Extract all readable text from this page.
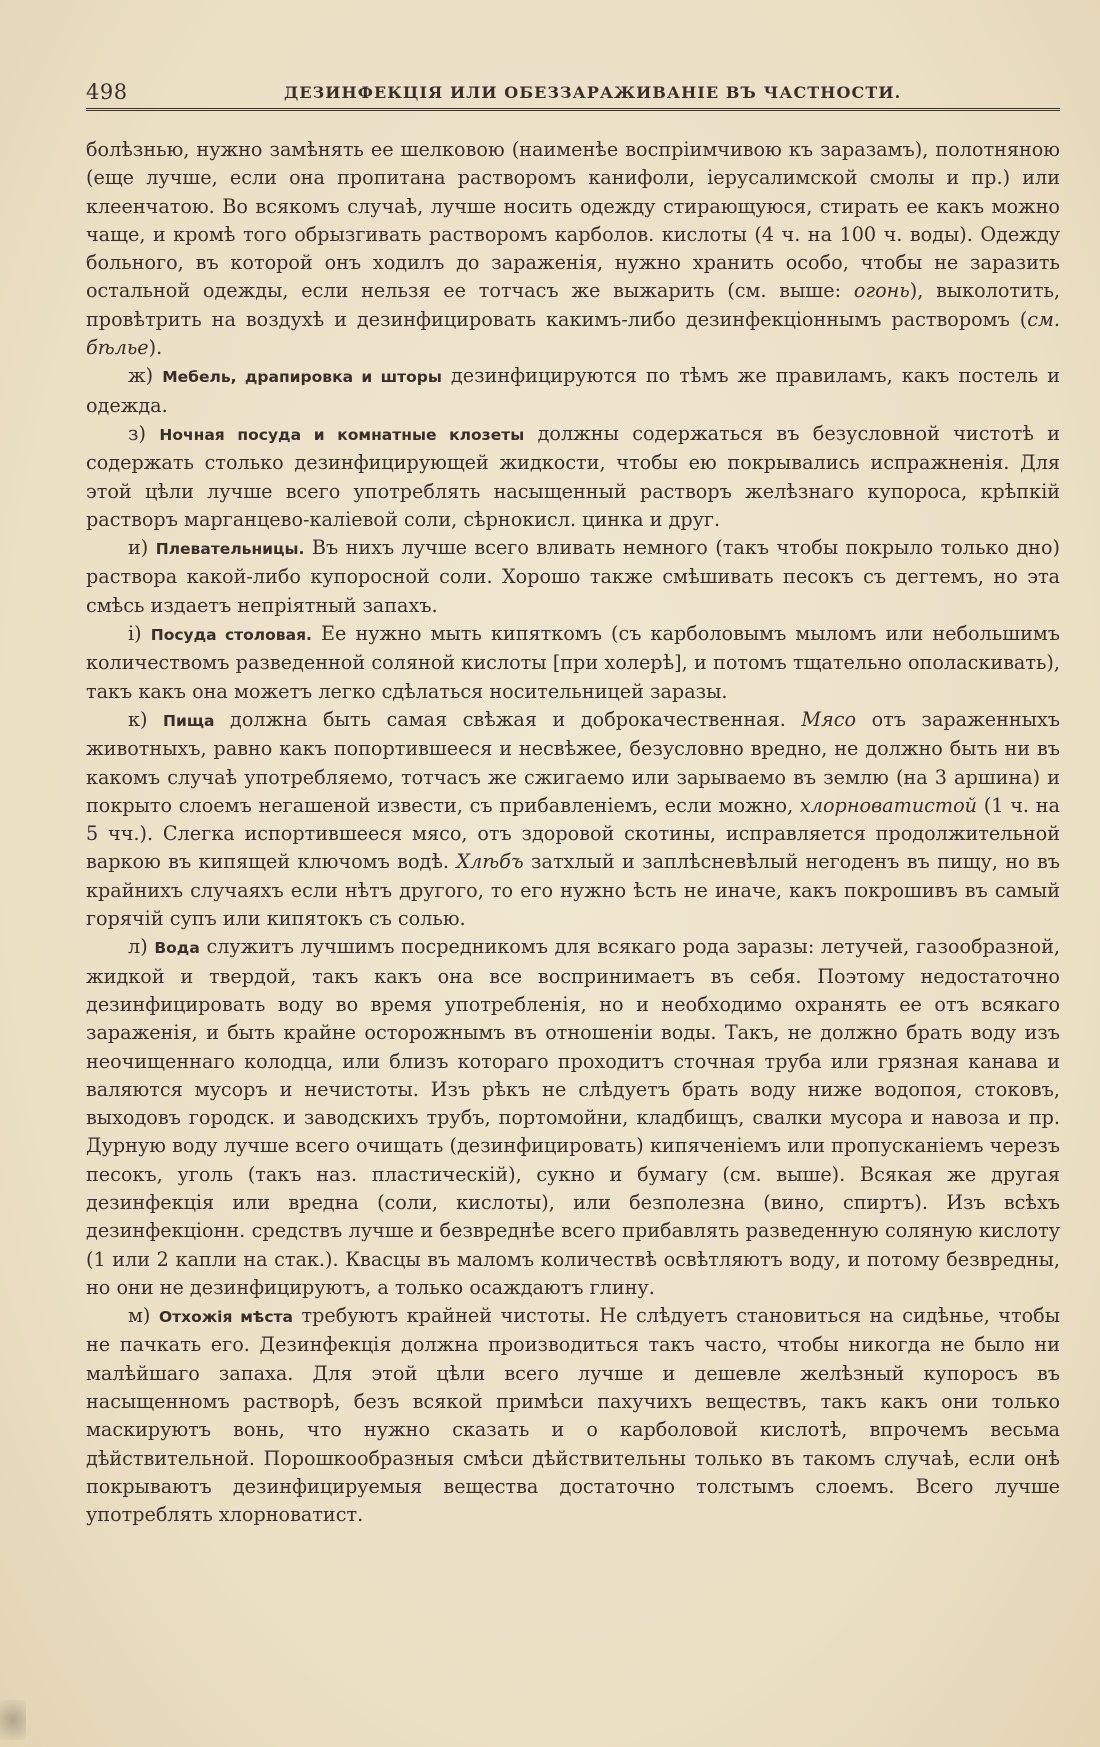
498	ДЕЗИНФЕКЦІЯ ИЛИ ОБЕЗЗАРАЖИВАНІЕ ВЪ ЧАСТНОСТИ.

болѣзнью, нужно замѣнять ее шелковою (наименѣе воспріимчивою къ заразамъ), полотняною (еще лучше, если она пропитана растворомъ канифоли, іерусалимской смолы и пр.) или клеенчатою. Во всякомъ случаѣ, лучше носить одежду стирающуюся, стирать ее какъ можно чаще, и кромѣ того обрызгивать растворомъ карболов. кислоты (4 ч. на 100 ч. воды). Одежду больного, въ которой онъ ходилъ до зараженія, нужно хранить особо, чтобы не заразить остальной одежды, если нельзя ее тотчасъ же выжарить (см. выше: огонь), выколотить, провѣтрить на воздухѣ и дезинфицировать какимъ-либо дезинфекціоннымъ растворомъ (см. бѣлье).

ж) Мебель, драпировка и шторы дезинфицируются по тѣмъ же правиламъ, какъ постель и одежда.

з) Ночная посуда и комнатные клозеты должны содержаться въ безусловной чистотѣ и содержать столько дезинфицирующей жидкости, чтобы ею покрывались испражненія. Для этой цѣли лучше всего употреблять насыщенный растворъ желѣзнаго купороса, крѣпкій растворъ марганцево-каліевой соли, сѣрнокисл. цинка и друг.

и) Плевательницы. Въ нихъ лучше всего вливать немного (такъ чтобы покрыло только дно) раствора какой-либо купоросной соли. Хорошо также смѣшивать песокъ съ дегтемъ, но эта смѣсь издаетъ непріятный запахъ.

і) Посуда столовая. Ее нужно мыть кипяткомъ (съ карболовымъ мыломъ или небольшимъ количествомъ разведенной соляной кислоты [при холерѣ], и потомъ тщательно ополаскивать), такъ какъ она можетъ легко сдѣлаться носительницей заразы.

к) Пища должна быть самая свѣжая и доброкачественная. Мясо отъ зараженныхъ животныхъ, равно какъ попортившееся и несвѣжее, безусловно вредно, не должно быть ни въ какомъ случаѣ употребляемо, тотчасъ же сжигаемо или зарываемо въ землю (на 3 аршина) и покрыто слоемъ негашеной извести, съ прибавленіемъ, если можно, хлорноватистой (1 ч. на 5 чч.). Слегка испортившееся мясо, отъ здоровой скотины, исправляется продолжительной варкою въ кипящей ключомъ водѣ. Хлѣбъ затхлый и заплѣсневѣлый негоденъ въ пищу, но въ крайнихъ случаяхъ если нѣтъ другого, то его нужно ѣсть не иначе, какъ покрошивъ въ самый горячій супъ или кипятокъ съ солью.

л) Вода служитъ лучшимъ посредникомъ для всякаго рода заразы: летучей, газообразной, жидкой и твердой, такъ какъ она все воспринимаетъ въ себя. Поэтому недостаточно дезинфицировать воду во время употребленія, но и необходимо охранять ее отъ всякаго зараженія, и быть крайне осторожнымъ въ отношеніи воды. Такъ, не должно брать воду изъ неочищеннаго колодца, или близъ котораго проходитъ сточная труба или грязная канава и валяются мусоръ и нечистоты. Изъ рѣкъ не слѣдуетъ брать воду ниже водопоя, стоковъ, выходовъ городск. и заводскихъ трубъ, портомойни, кладбищъ, свалки мусора и навоза и пр. Дурную воду лучше всего очищать (дезинфицировать) кипяченіемъ или пропусканіемъ черезъ песокъ, уголь (такъ наз. пластическій), сукно и бумагу (см. выше). Всякая же другая дезинфекція или вредна (соли, кислоты), или безполезна (вино, спиртъ). Изъ всѣхъ дезинфекціонн. средствъ лучше и безвреднѣе всего прибавлять разведенную соляную кислоту (1 или 2 капли на стак.). Квасцы въ маломъ количествѣ освѣтляютъ воду, и потому безвредны, но они не дезинфицируютъ, а только осаждаютъ глину.

м) Отхожія мѣста требуютъ крайней чистоты. Не слѣдуетъ становиться на сидѣнье, чтобы не пачкать его. Дезинфекція должна производиться такъ часто, чтобы никогда не было ни малѣйшаго запаха. Для этой цѣли всего лучше и дешевле желѣзный купоросъ въ насыщенномъ растворѣ, безъ всякой примѣси пахучихъ веществъ, такъ какъ они только маскируютъ вонь, что нужно сказать и о карболовой кислотѣ, впрочемъ весьма дѣйствительной. Порошкообразныя смѣси дѣйствительны только въ такомъ случаѣ, если онѣ покрываютъ дезинфицируемыя вещества достаточно толстымъ слоемъ. Всего лучше употреблять хлорноватист.
